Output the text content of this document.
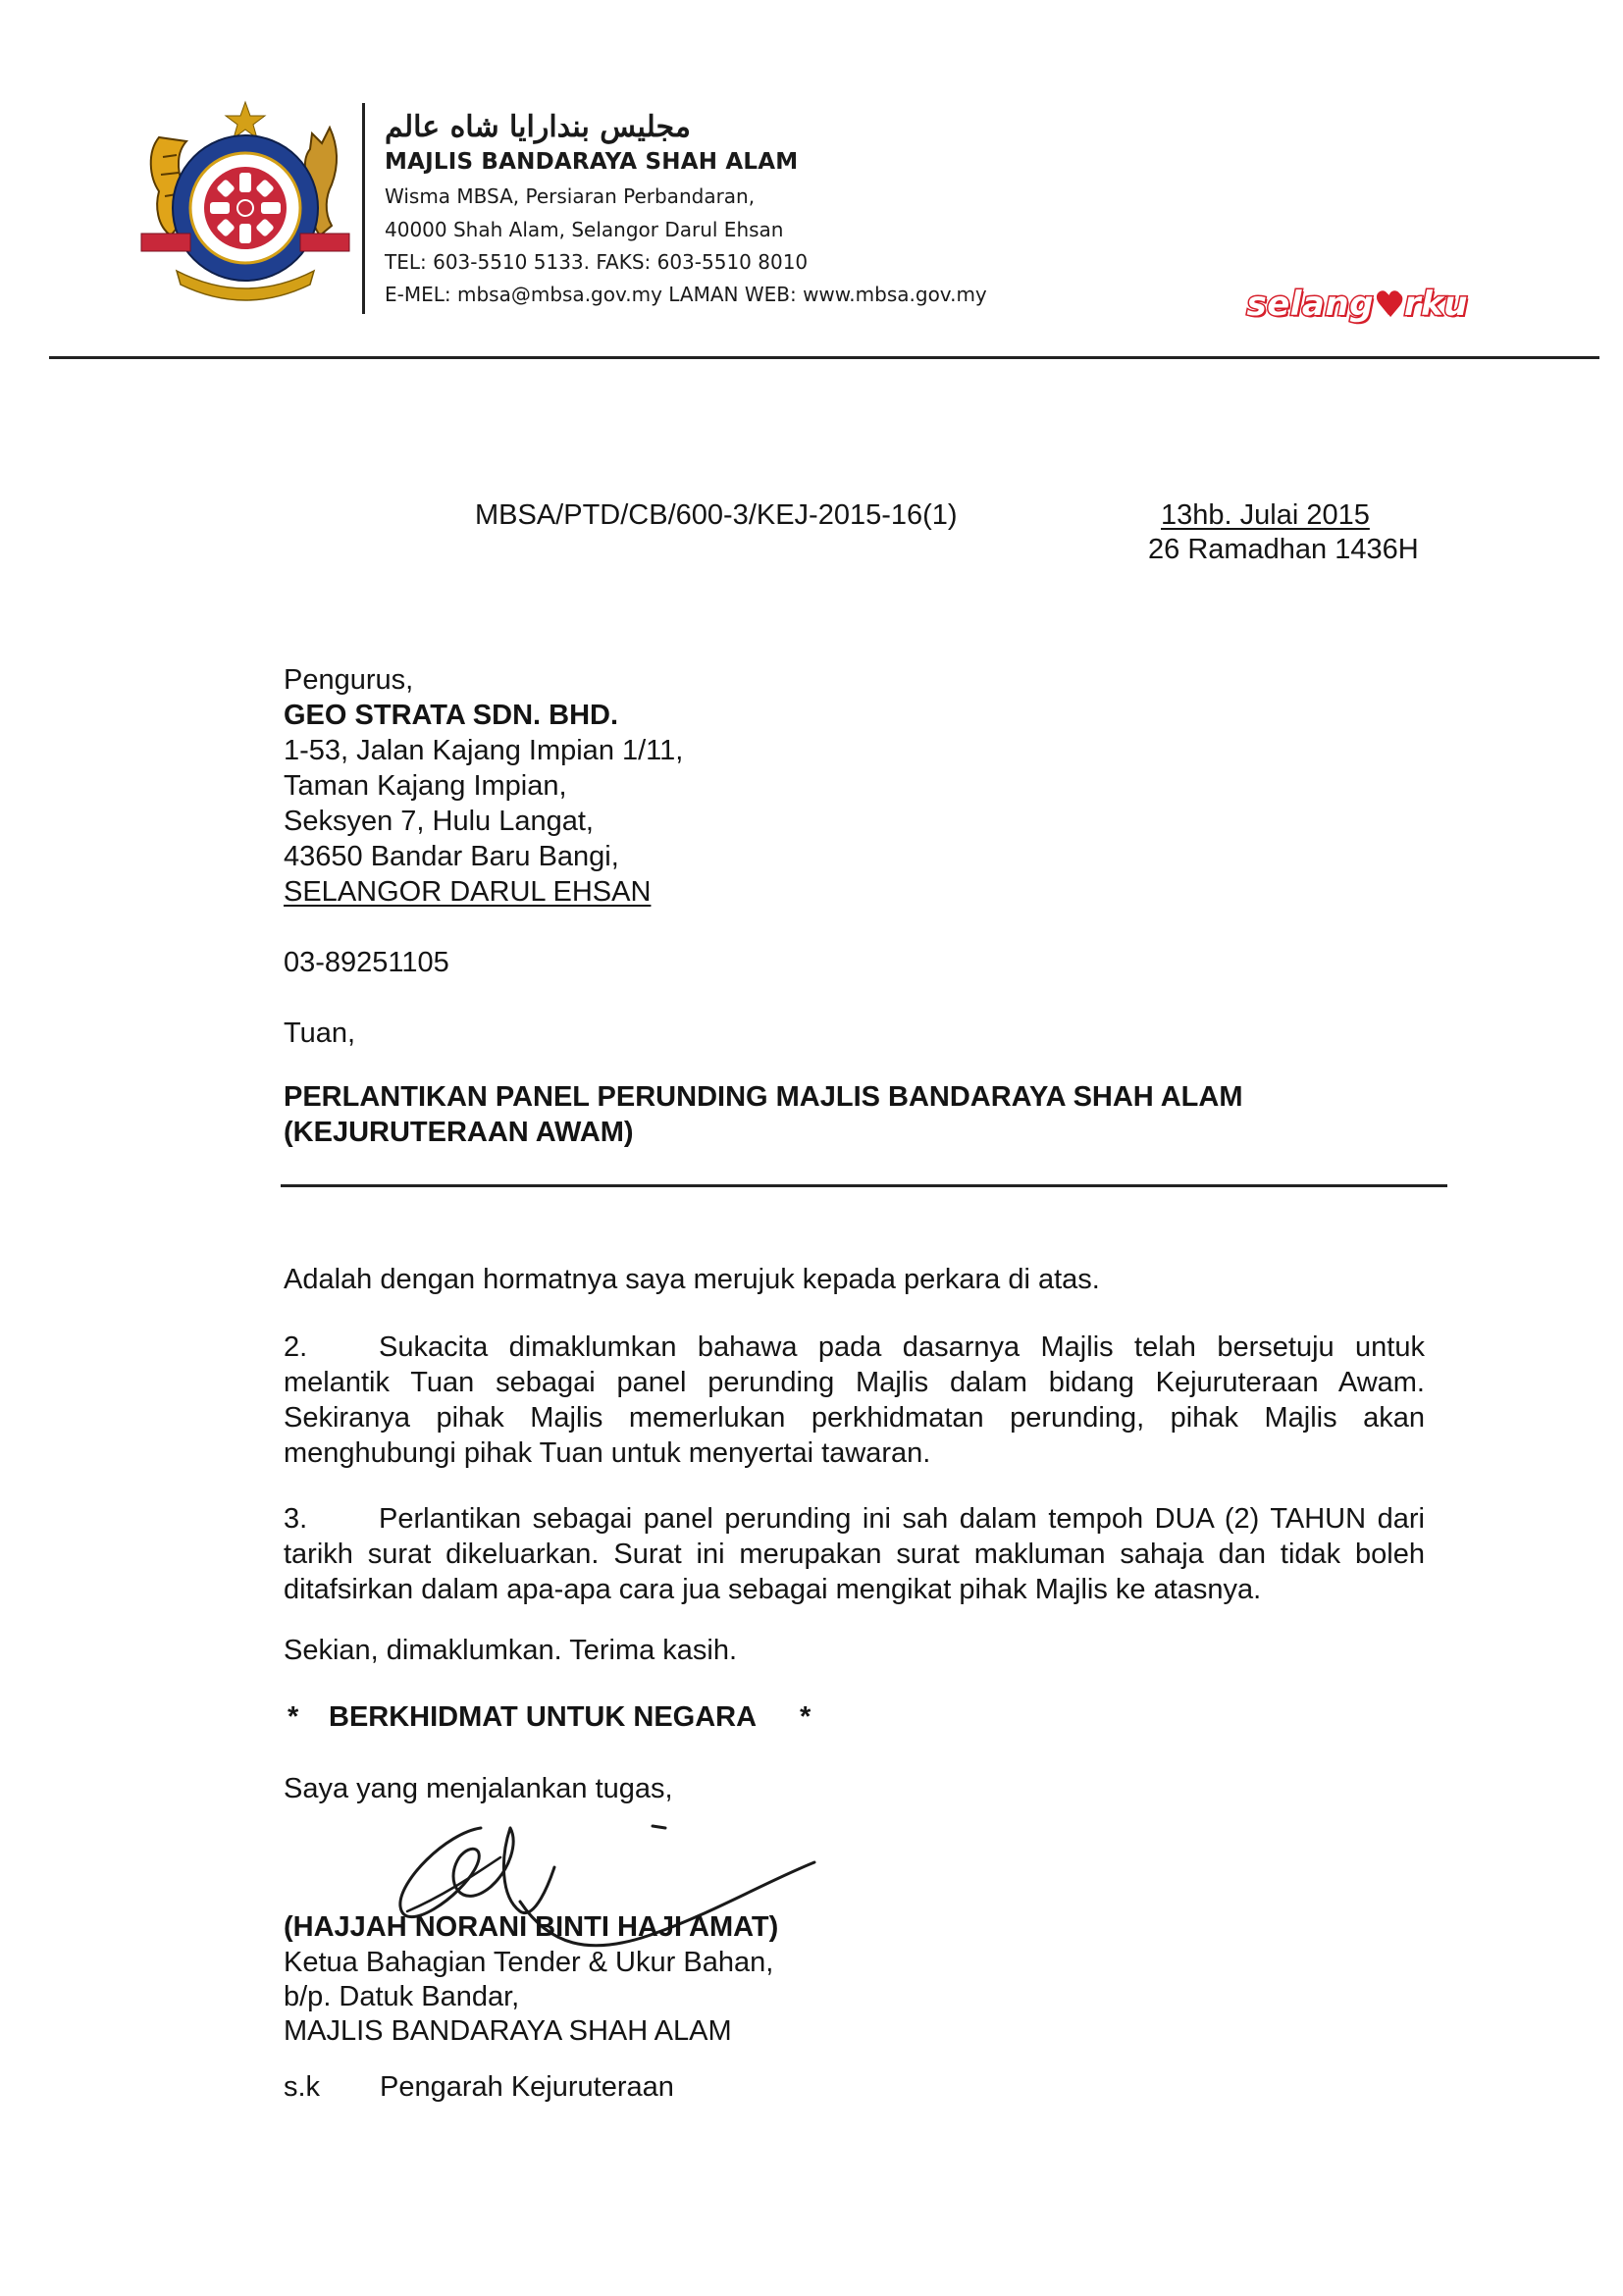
مجليس بندارايا شاه عالم
MAJLIS BANDARAYA SHAH ALAM
Wisma MBSA, Persiaran Perbandaran,
40000 Shah Alam, Selangor Darul Ehsan
TEL: 603-5510 5133. FAKS: 603-5510 8010
E-MEL: mbsa@mbsa.gov.my LAMAN WEB: www.mbsa.gov.my	selang♥rku
MBSA/PTD/CB/600-3/KEJ-2015-16(1)	13hb. Julai 2015
26 Ramadhan 1436H
Pengurus,
GEO STRATA SDN. BHD.
1-53, Jalan Kajang Impian 1/11,
Taman Kajang Impian,
Seksyen 7, Hulu Langat,
43650 Bandar Baru Bangi,
SELANGOR DARUL EHSAN
03-89251105
Tuan,
PERLANTIKAN PANEL PERUNDING MAJLIS BANDARAYA SHAH ALAM
(KEJURUTERAAN AWAM)
Adalah dengan hormatnya saya merujuk kepada perkara di atas.
2.	Sukacita dimaklumkan bahawa pada dasarnya Majlis telah bersetuju untuk melantik Tuan sebagai panel perunding Majlis dalam bidang Kejuruteraan Awam. Sekiranya pihak Majlis memerlukan perkhidmatan perunding, pihak Majlis akan menghubungi pihak Tuan untuk menyertai tawaran.
3.	Perlantikan sebagai panel perunding ini sah dalam tempoh DUA (2) TAHUN dari tarikh surat dikeluarkan. Surat ini merupakan surat makluman sahaja dan tidak boleh ditafsirkan dalam apa-apa cara jua sebagai mengikat pihak Majlis ke atasnya.
Sekian, dimaklumkan. Terima kasih.
* BERKHIDMAT UNTUK NEGARA *
Saya yang menjalankan tugas,
(HAJJAH NORANI BINTI HAJI AMAT)
Ketua Bahagian Tender & Ukur Bahan,
b/p. Datuk Bandar,
MAJLIS BANDARAYA SHAH ALAM
s.k Pengarah Kejuruteraan
